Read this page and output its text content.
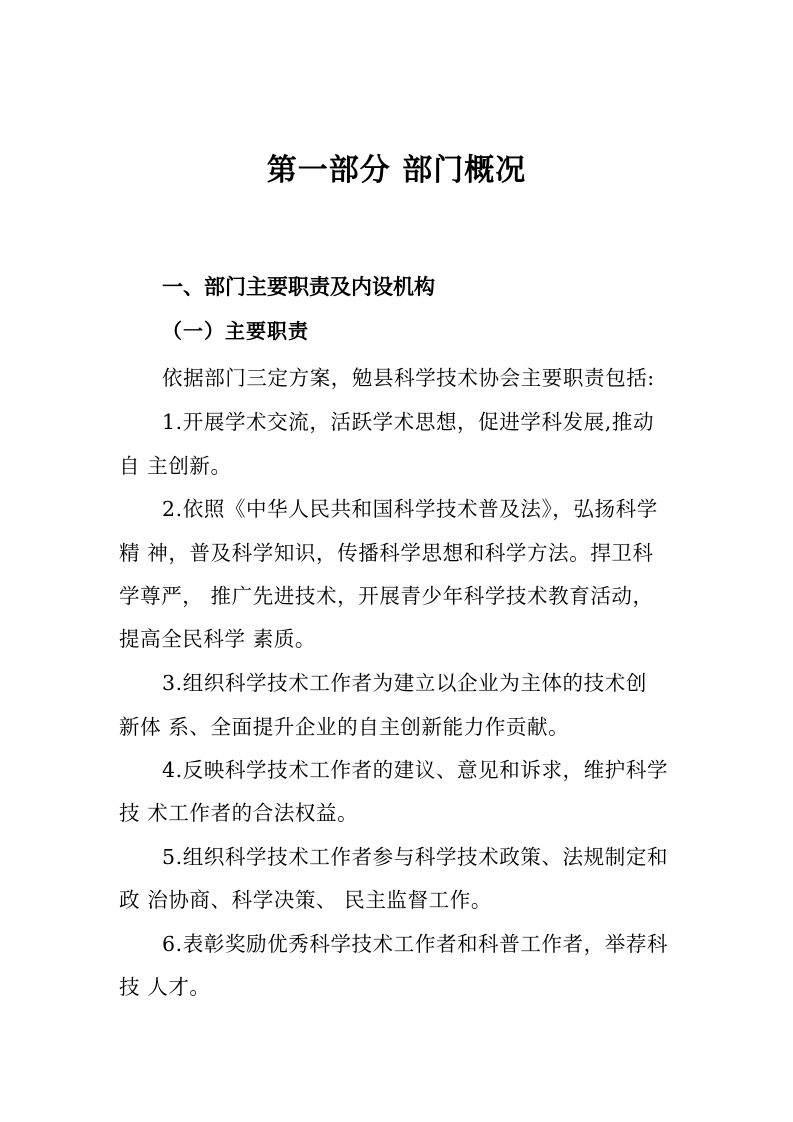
第一部分 部门概况
一、部门主要职责及内设机构
（一）主要职责
依据部门三定方案，勉县科学技术协会主要职责包括:
1.开展学术交流，活跃学术思想，促进学科发展,推动
自 主创新。
2.依照《中华人民共和国科学技术普及法》，弘扬科学
精 神，普及科学知识，传播科学思想和科学方法。捍卫科
学尊严， 推广先进技术，开展青少年科学技术教育活动，
提高全民科学 素质。
3.组织科学技术工作者为建立以企业为主体的技术创
新体 系、全面提升企业的自主创新能力作贡献。
4.反映科学技术工作者的建议、意见和诉求，维护科学
技 术工作者的合法权益。
5.组织科学技术工作者参与科学技术政策、法规制定和
政 治协商、科学决策、 民主监督工作。
6.表彰奖励优秀科学技术工作者和科普工作者，举荐科
技 人才。
